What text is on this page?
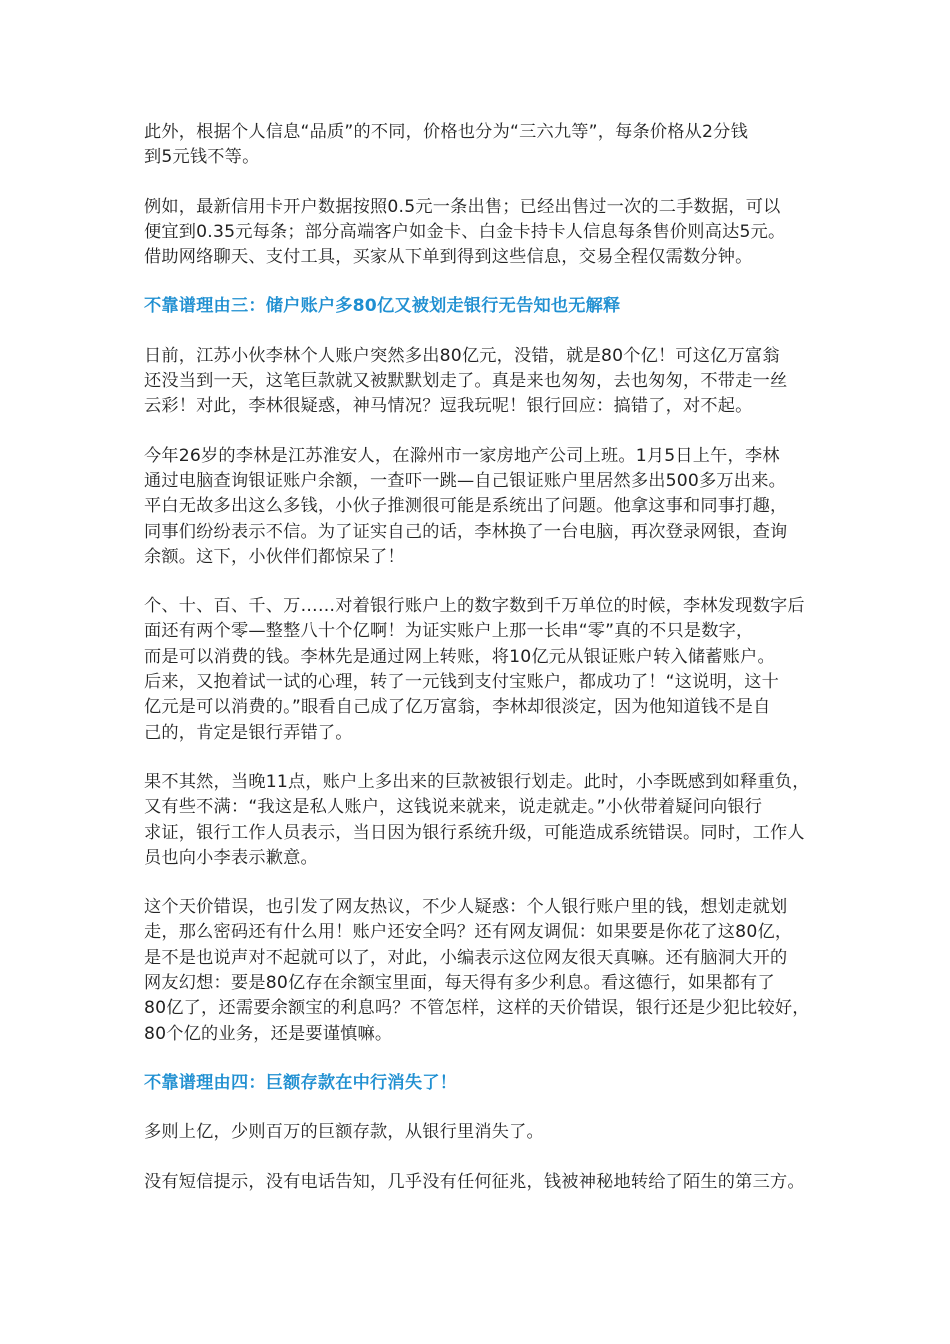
此外，根据个人信息“品质”的不同，价格也分为“三六九等”，每条价格从2分钱
到5元钱不等。

例如，最新信用卡开户数据按照0.5元一条出售；已经出售过一次的二手数据，可以
便宜到0.35元每条；部分高端客户如金卡、白金卡持卡人信息每条售价则高达5元。
借助网络聊天、支付工具，买家从下单到得到这些信息，交易全程仅需数分钟。

不靠谱理由三：储户账户多80亿又被划走银行无告知也无解释

日前，江苏小伙李林个人账户突然多出80亿元，没错，就是80个亿！可这亿万富翁
还没当到一天，这笔巨款就又被默默划走了。真是来也匆匆，去也匆匆，不带走一丝
云彩！对此，李林很疑惑，神马情况？逗我玩呢！银行回应：搞错了，对不起。

今年26岁的李林是江苏淮安人，在滁州市一家房地产公司上班。1月5日上午，李林
通过电脑查询银证账户余额，一查吓一跳—自己银证账户里居然多出500多万出来。
平白无故多出这么多钱，小伙子推测很可能是系统出了问题。他拿这事和同事打趣，
同事们纷纷表示不信。为了证实自己的话，李林换了一台电脑，再次登录网银，查询
余额。这下，小伙伴们都惊呆了！

个、十、百、千、万……对着银行账户上的数字数到千万单位的时候，李林发现数字后
面还有两个零—整整八十个亿啊！为证实账户上那一长串“零”真的不只是数字，
而是可以消费的钱。李林先是通过网上转账，将10亿元从银证账户转入储蓄账户。
后来，又抱着试一试的心理，转了一元钱到支付宝账户，都成功了！“这说明，这十
亿元是可以消费的。”眼看自己成了亿万富翁，李林却很淡定，因为他知道钱不是自
己的，肯定是银行弄错了。

果不其然，当晚11点，账户上多出来的巨款被银行划走。此时，小李既感到如释重负，
又有些不满：“我这是私人账户，这钱说来就来，说走就走。”小伙带着疑问向银行
求证，银行工作人员表示，当日因为银行系统升级，可能造成系统错误。同时，工作人
员也向小李表示歉意。

这个天价错误，也引发了网友热议，不少人疑惑：个人银行账户里的钱，想划走就划
走，那么密码还有什么用！账户还安全吗？还有网友调侃：如果要是你花了这80亿，
是不是也说声对不起就可以了，对此，小编表示这位网友很天真嘛。还有脑洞大开的
网友幻想：要是80亿存在余额宝里面，每天得有多少利息。看这德行，如果都有了
80亿了，还需要余额宝的利息吗？不管怎样，这样的天价错误，银行还是少犯比较好，
80个亿的业务，还是要谨慎嘛。

不靠谱理由四：巨额存款在中行消失了！

多则上亿，少则百万的巨额存款，从银行里消失了。

没有短信提示，没有电话告知，几乎没有任何征兆，钱被神秘地转给了陌生的第三方。
